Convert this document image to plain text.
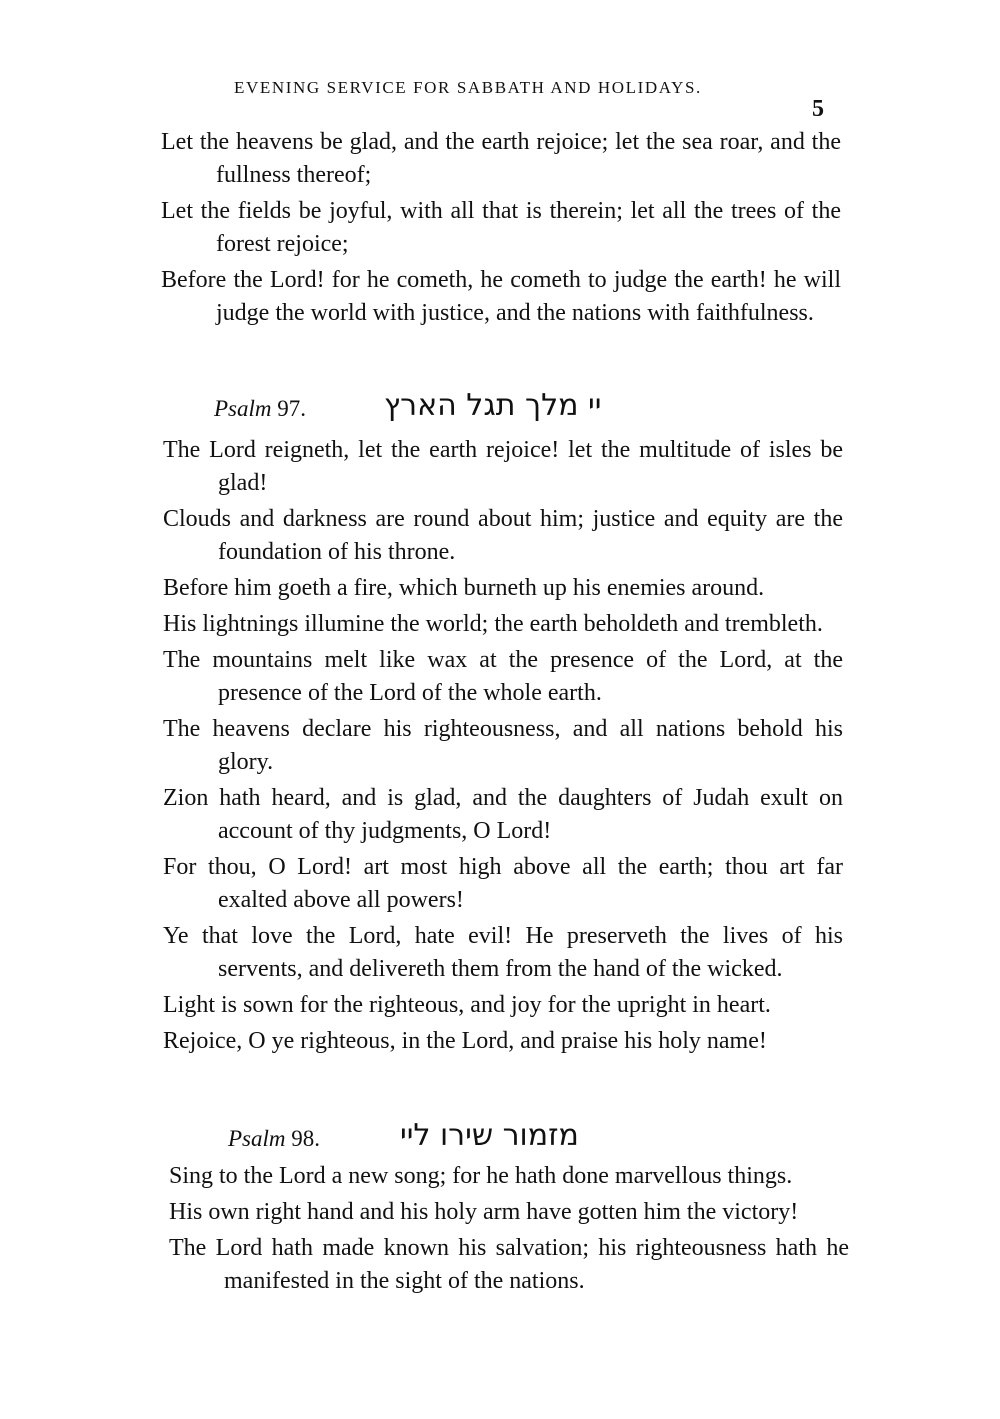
EVENING SERVICE FOR SABBATH AND HOLIDAYS.
5

Let the heavens be glad, and the earth rejoice; let the sea roar, and the fullness thereof;

Let the fields be joyful, with all that is therein; let all the trees of the forest rejoice;

Before the Lord! for he cometh, he cometh to judge the earth! he will judge the world with justice, and the nations with faithfulness.

Psalm 97.	יי מלך תגל הארץ

The Lord reigneth, let the earth rejoice! let the multitude of isles be glad!

Clouds and darkness are round about him; justice and equity are the foundation of his throne.

Before him goeth a fire, which burneth up his enemies around.

His lightnings illumine the world; the earth beholdeth and trembleth.

The mountains melt like wax at the presence of the Lord, at the presence of the Lord of the whole earth.

The heavens declare his righteousness, and all nations behold his glory.

Zion hath heard, and is glad, and the daughters of Judah exult on account of thy judgments, O Lord!

For thou, O Lord! art most high above all the earth; thou art far exalted above all powers!

Ye that love the Lord, hate evil! He preserveth the lives of his servents, and delivereth them from the hand of the wicked.

Light is sown for the righteous, and joy for the upright in heart.

Rejoice, O ye righteous, in the Lord, and praise his holy name!

Psalm 98.	מזמור שירו ליי

Sing to the Lord a new song; for he hath done marvellous things.

His own right hand and his holy arm have gotten him the victory!

The Lord hath made known his salvation; his righteousness hath he manifested in the sight of the nations.
